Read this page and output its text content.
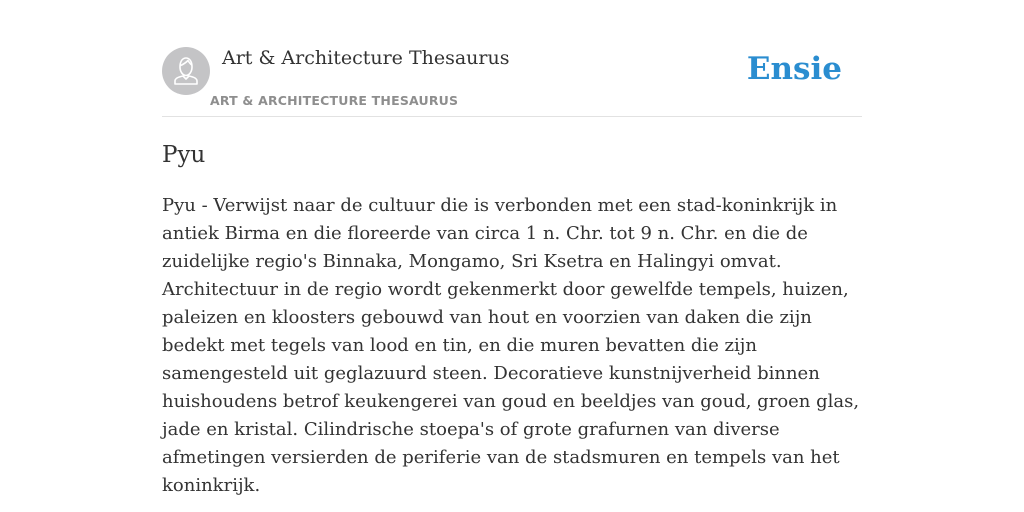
Art & Architecture Thesaurus
ART & ARCHITECTURE THESAURUS
Ensie
Pyu

Pyu - Verwijst naar de cultuur die is verbonden met een stad-koninkrijk in antiek Birma en die floreerde van circa 1 n. Chr. tot 9 n. Chr. en die de zuidelijke regio's Binnaka, Mongamo, Sri Ksetra en Halingyi omvat. Architectuur in de regio wordt gekenmerkt door gewelfde tempels, huizen, paleizen en kloosters gebouwd van hout en voorzien van daken die zijn bedekt met tegels van lood en tin, en die muren bevatten die zijn samengesteld uit geglazuurd steen. Decoratieve kunstnijverheid binnen huishoudens betrof keukengerei van goud en beeldjes van goud, groen glas, jade en kristal. Cilindrische stoepa's of grote grafurnen van diverse afmetingen versierden de periferie van de stadsmuren en tempels van het koninkrijk.
